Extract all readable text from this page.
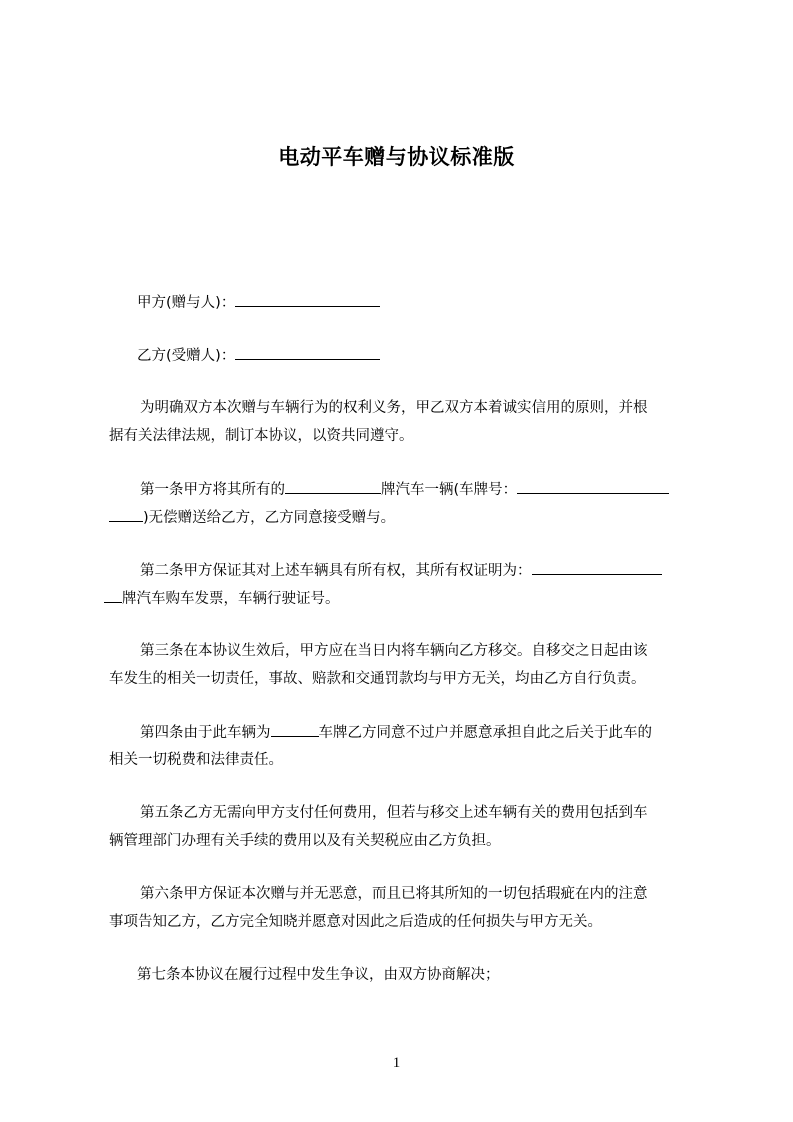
电动平车赠与协议标准版

甲方(赠与人)：

乙方(受赠人)：

为明确双方本次赠与车辆行为的权利义务，甲乙双方本着诚实信用的原则，并根

据有关法律法规，制订本协议，以资共同遵守。

第一条甲方将其所有的	牌汽车一辆(车牌号：

)无偿赠送给乙方，乙方同意接受赠与。

第二条甲方保证其对上述车辆具有所有权，其所有权证明为：

牌汽车购车发票，车辆行驶证号。

第三条在本协议生效后，甲方应在当日内将车辆向乙方移交。自移交之日起由该

车发生的相关一切责任，事故、赔款和交通罚款均与甲方无关，均由乙方自行负责。

第四条由于此车辆为	车牌乙方同意不过户并愿意承担自此之后关于此车的

相关一切税费和法律责任。

第五条乙方无需向甲方支付任何费用，但若与移交上述车辆有关的费用包括到车

辆管理部门办理有关手续的费用以及有关契税应由乙方负担。

第六条甲方保证本次赠与并无恶意，而且已将其所知的一切包括瑕疵在内的注意

事项告知乙方，乙方完全知晓并愿意对因此之后造成的任何损失与甲方无关。

第七条本协议在履行过程中发生争议，由双方协商解决；

1
